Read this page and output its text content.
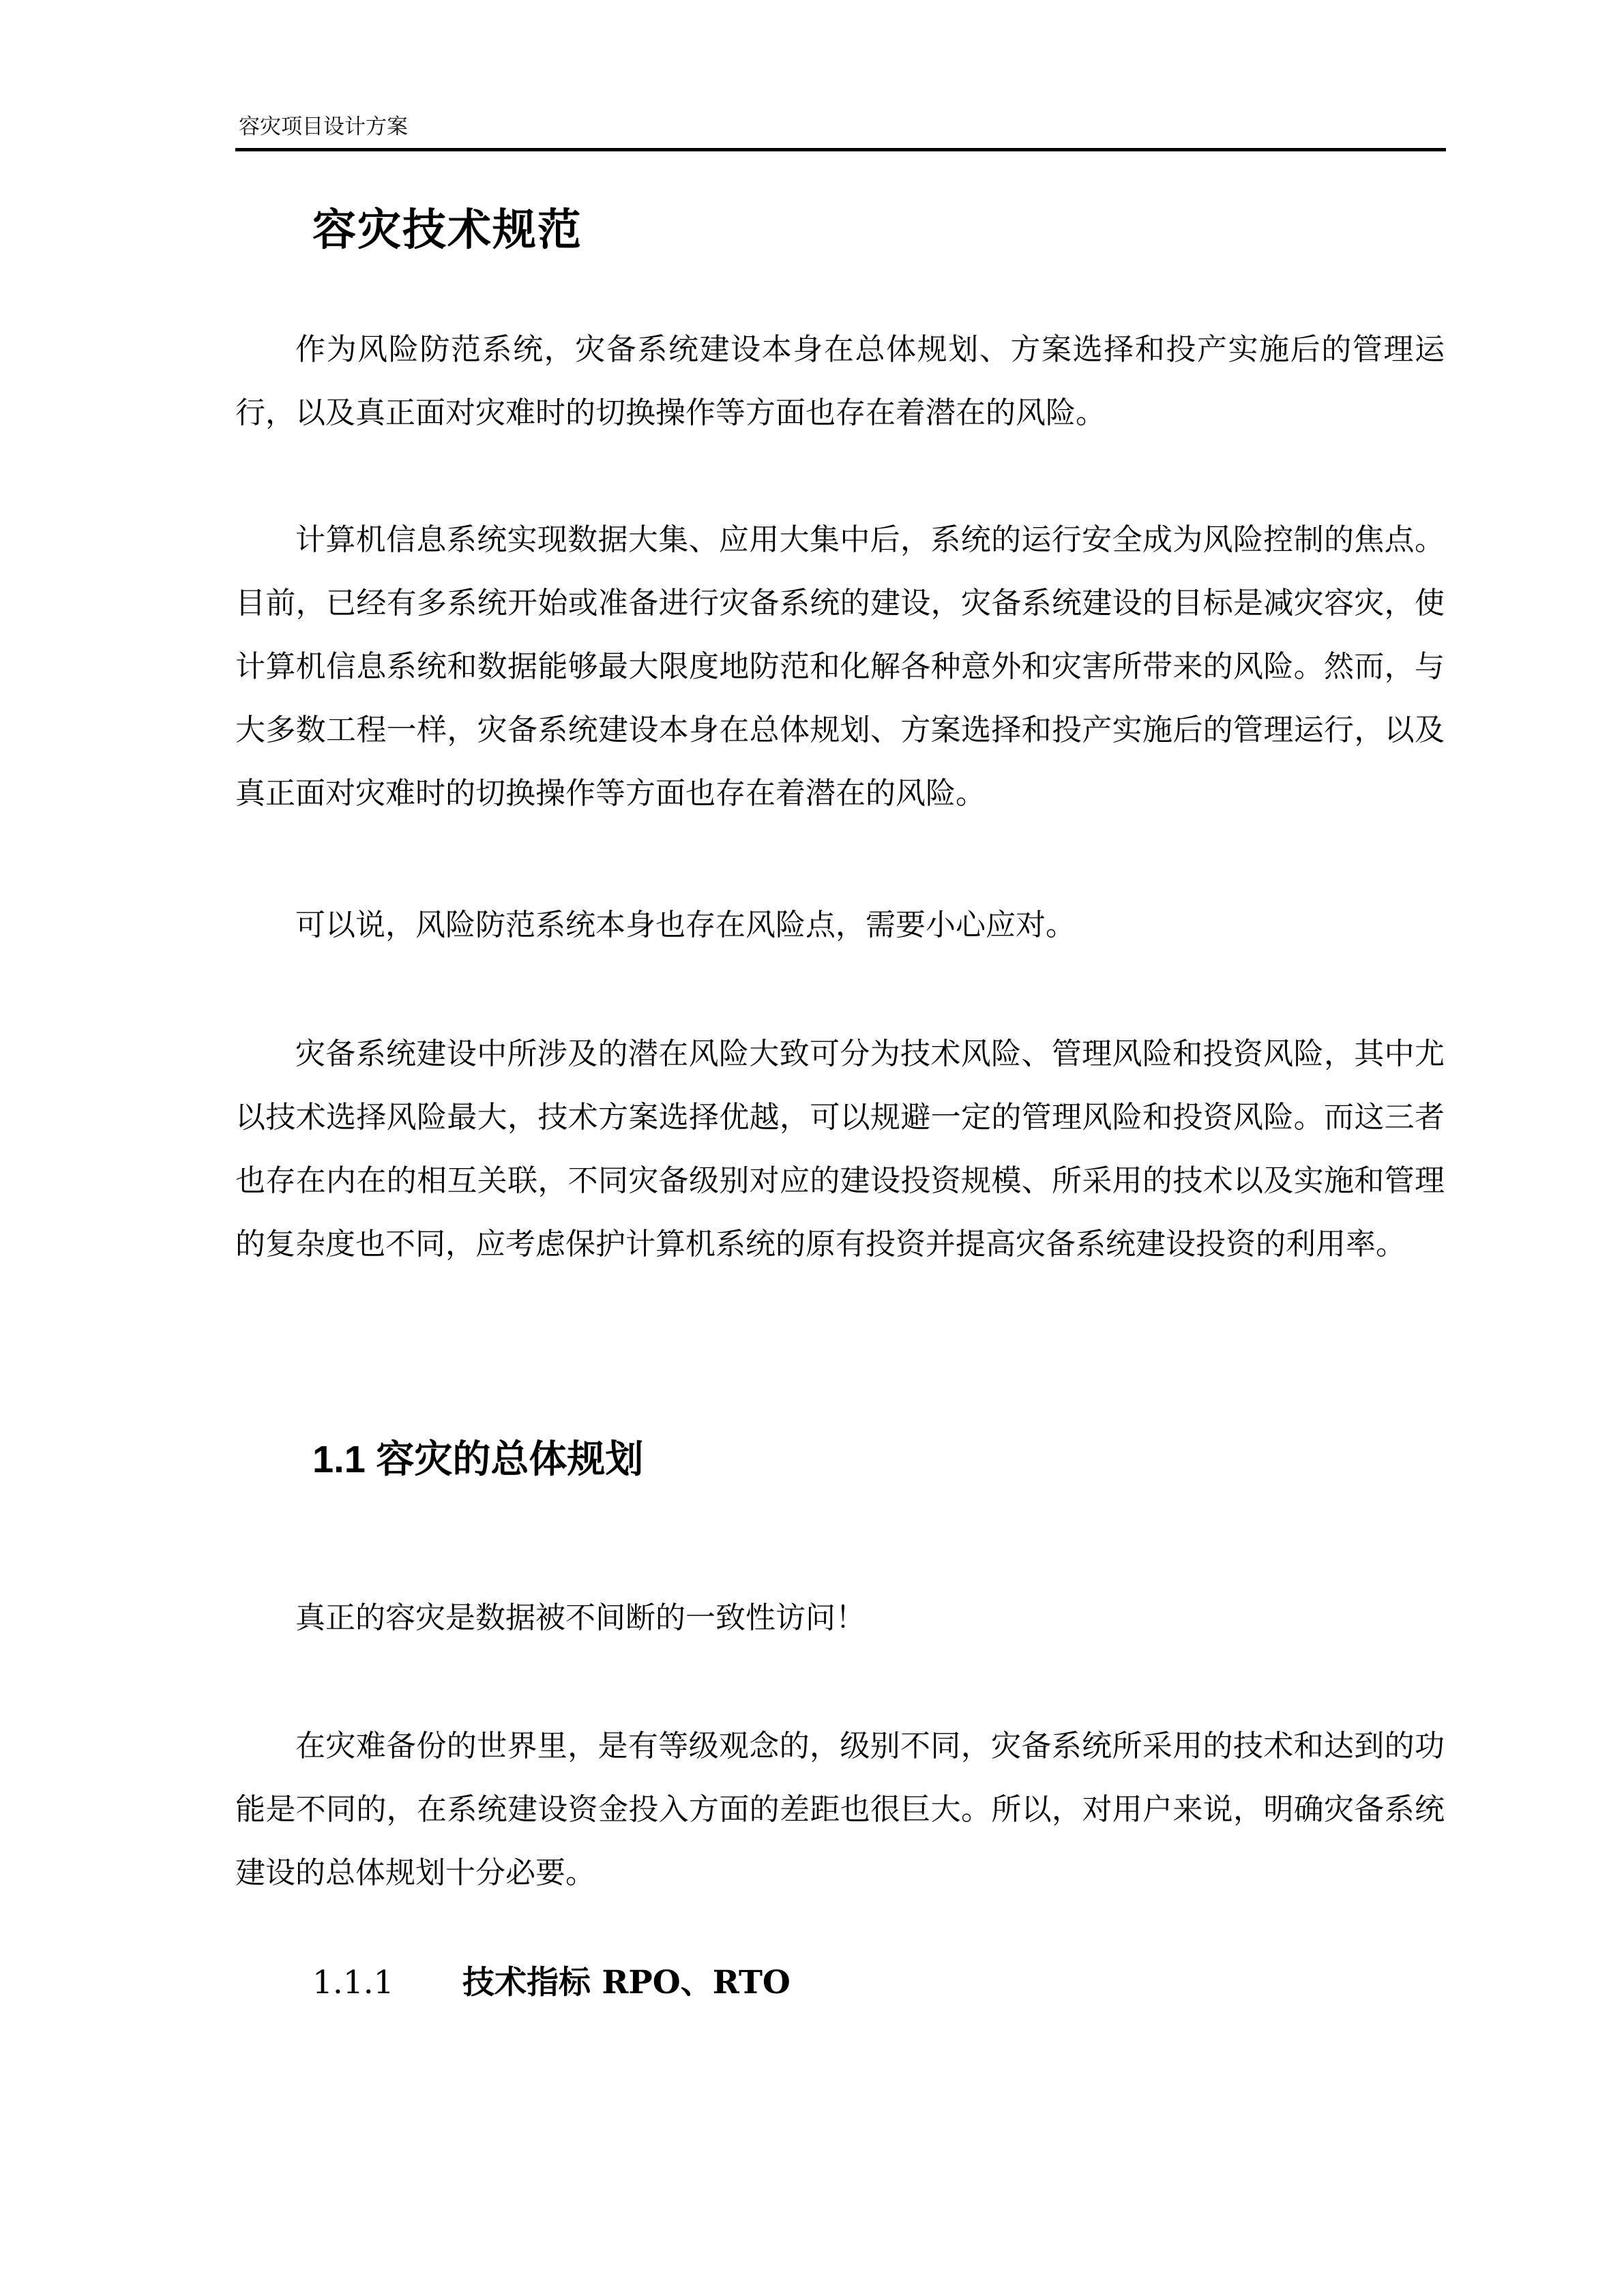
容灾项目设计方案
容灾技术规范

作为风险防范系统，灾备系统建设本身在总体规划、方案选择和投产实施后的管理运行，以及真正面对灾难时的切换操作等方面也存在着潜在的风险。

计算机信息系统实现数据大集、应用大集中后，系统的运行安全成为风险控制的焦点。目前，已经有多系统开始或准备进行灾备系统的建设，灾备系统建设的目标是减灾容灾，使计算机信息系统和数据能够最大限度地防范和化解各种意外和灾害所带来的风险。然而，与大多数工程一样，灾备系统建设本身在总体规划、方案选择和投产实施后的管理运行，以及真正面对灾难时的切换操作等方面也存在着潜在的风险。

可以说，风险防范系统本身也存在风险点，需要小心应对。

灾备系统建设中所涉及的潜在风险大致可分为技术风险、管理风险和投资风险，其中尤以技术选择风险最大，技术方案选择优越，可以规避一定的管理风险和投资风险。而这三者也存在内在的相互关联，不同灾备级别对应的建设投资规模、所采用的技术以及实施和管理的复杂度也不同，应考虑保护计算机系统的原有投资并提高灾备系统建设投资的利用率。

1.1 容灾的总体规划

真正的容灾是数据被不间断的一致性访问！

在灾难备份的世界里，是有等级观念的，级别不同，灾备系统所采用的技术和达到的功能是不同的，在系统建设资金投入方面的差距也很巨大。所以，对用户来说，明确灾备系统建设的总体规划十分必要。

1.1.1 技术指标 RPO、RTO
